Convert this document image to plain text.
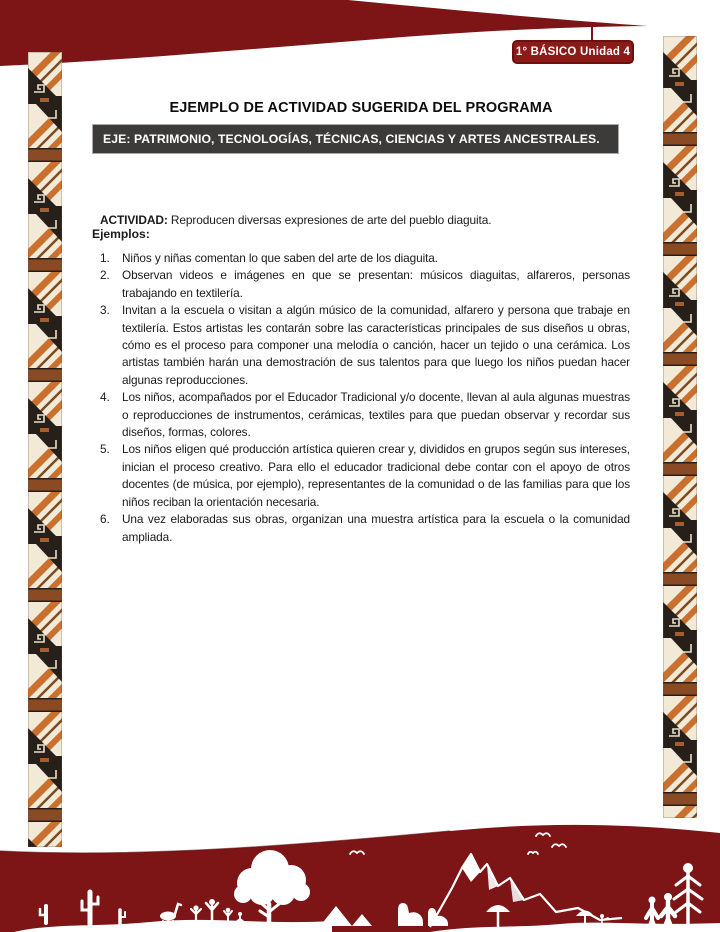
1° BÁSICO Unidad 4
EJEMPLO DE ACTIVIDAD SUGERIDA DEL PROGRAMA
EJE: PATRIMONIO, TECNOLOGÍAS, TÉCNICAS, CIENCIAS Y ARTES ANCESTRALES.

ACTIVIDAD: Reproducen diversas expresiones de arte del pueblo diaguita.

Ejemplos:
1. Niños y niñas comentan lo que saben del arte de los diaguita.
2. Observan videos e imágenes en que se presentan: músicos diaguitas, alfareros, personas trabajando en textilería.
3. Invitan a la escuela o visitan a algún músico de la comunidad, alfarero y persona que trabaje en textilería. Estos artistas les contarán sobre las características principales de sus diseños u obras, cómo es el proceso para componer una melodía o canción, hacer un tejido o una cerámica. Los artistas también harán una demostración de sus talentos para que luego los niños puedan hacer algunas reproducciones.
4. Los niños, acompañados por el Educador Tradicional y/o docente, llevan al aula algunas muestras o reproducciones de instrumentos, cerámicas, textiles para que puedan observar y recordar sus diseños, formas, colores.
5. Los niños eligen qué producción artística quieren crear y, divididos en grupos según sus intereses, inician el proceso creativo. Para ello el educador tradicional debe contar con el apoyo de otros docentes (de música, por ejemplo), representantes de la comunidad o de las familias para que los niños reciban la orientación necesaria.
6. Una vez elaboradas sus obras, organizan una muestra artística para la escuela o la comunidad ampliada.
